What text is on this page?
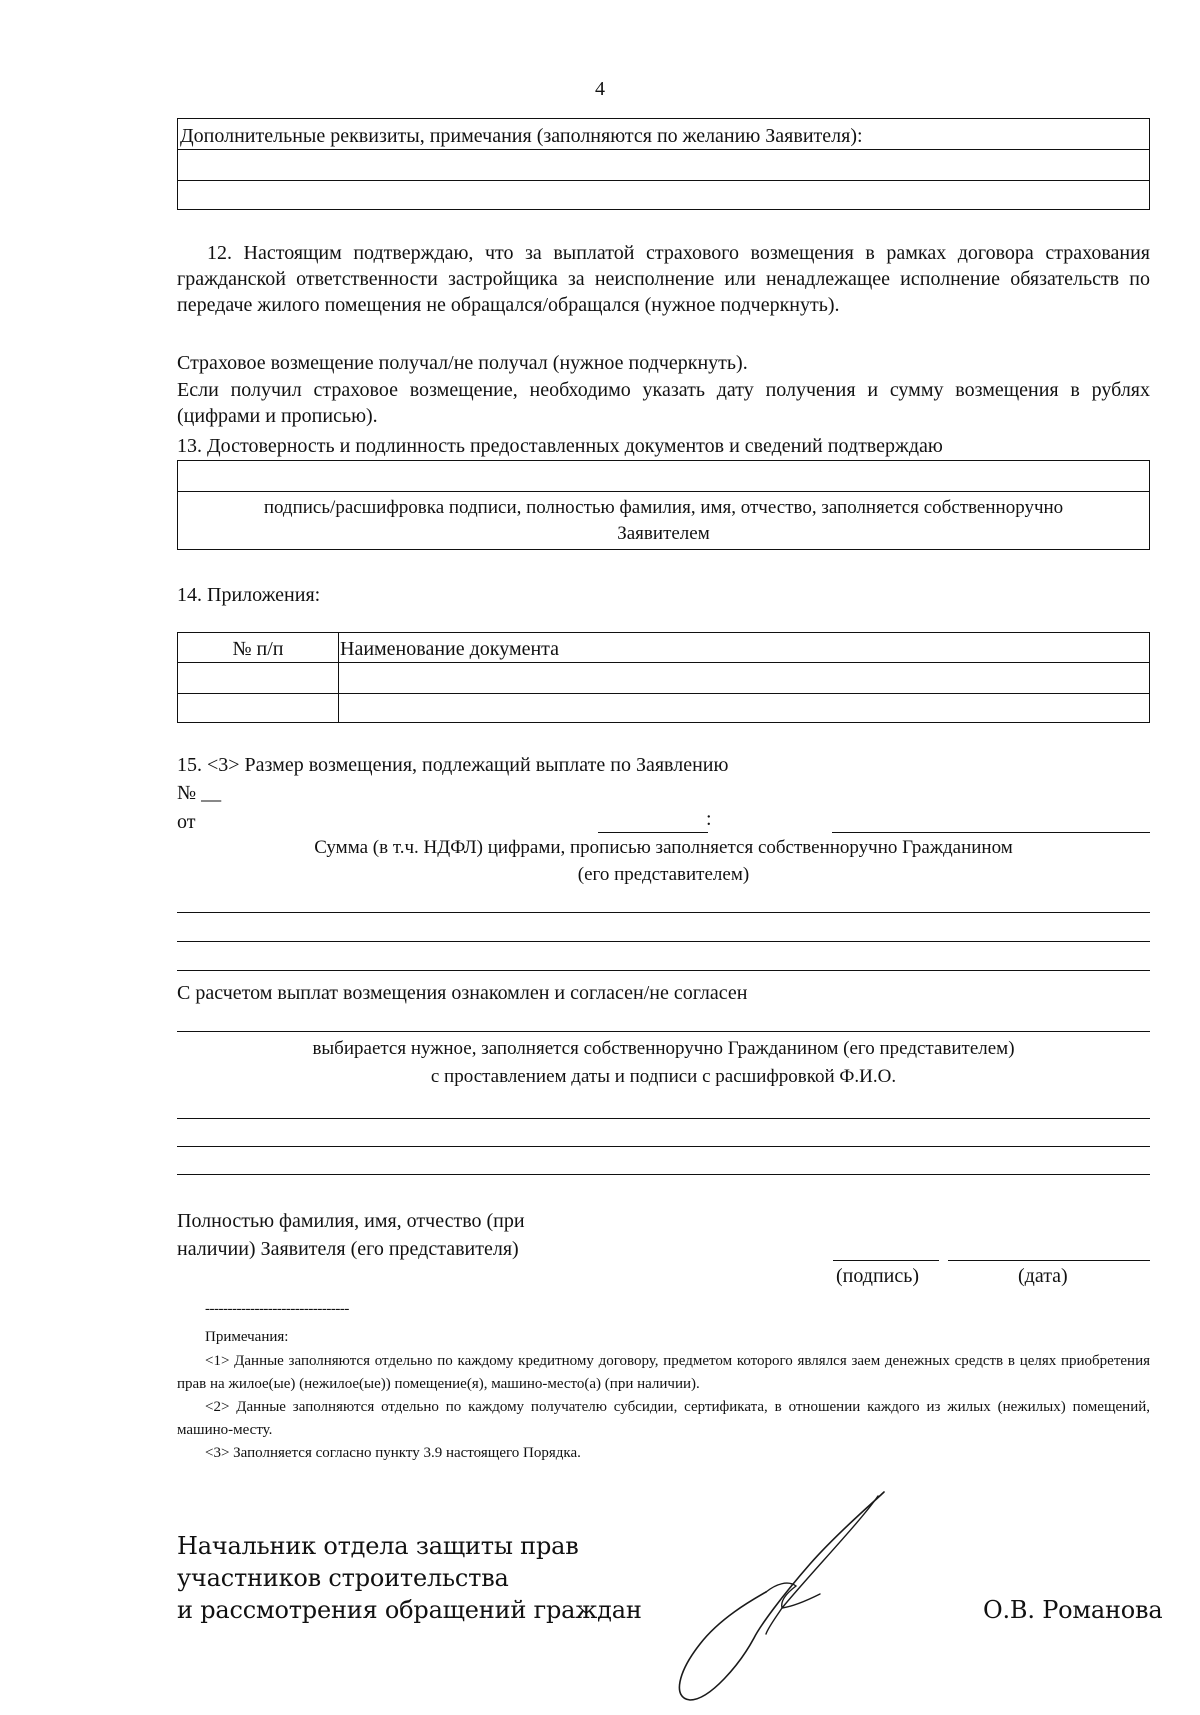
4
Дополнительные реквизиты, примечания (заполняются по желанию Заявителя):
12. Настоящим подтверждаю, что за выплатой страхового возмещения в рамках договора страхования гражданской ответственности застройщика за неисполнение или ненадлежащее исполнение обязательств по передаче жилого помещения не обращался/обращался (нужное подчеркнуть).
Страховое возмещение получал/не получал (нужное подчеркнуть).
Если получил страховое возмещение, необходимо указать дату получения и сумму возмещения в рублях (цифрами и прописью).
13. Достоверность и подлинность предоставленных документов и сведений подтверждаю
подпись/расшифровка подписи, полностью фамилия, имя, отчество, заполняется собственноручно
Заявителем
14. Приложения:
№ п/п	Наименование документа
15. <3> Размер возмещения, подлежащий выплате по Заявлению
№ __
от	:
Сумма (в т.ч. НДФЛ) цифрами, прописью заполняется собственноручно Гражданином
(его представителем)
С расчетом выплат возмещения ознакомлен и согласен/не согласен
выбирается нужное, заполняется собственноручно Гражданином (его представителем)
с проставлением даты и подписи с расшифровкой Ф.И.О.
Полностью фамилия, имя, отчество (при
наличии) Заявителя (его представителя)
(подпись)	(дата)
--------------------------------
Примечания:
<1> Данные заполняются отдельно по каждому кредитному договору, предметом которого являлся заем денежных средств в целях приобретения прав на жилое(ые) (нежилое(ые)) помещение(я), машино-место(а) (при наличии).
<2> Данные заполняются отдельно по каждому получателю субсидии, сертификата, в отношении каждого из жилых (нежилых) помещений, машино-месту.
<3> Заполняется согласно пункту 3.9 настоящего Порядка.
Начальник отдела защиты прав
участников строительства
и рассмотрения обращений граждан	О.В. Романова
